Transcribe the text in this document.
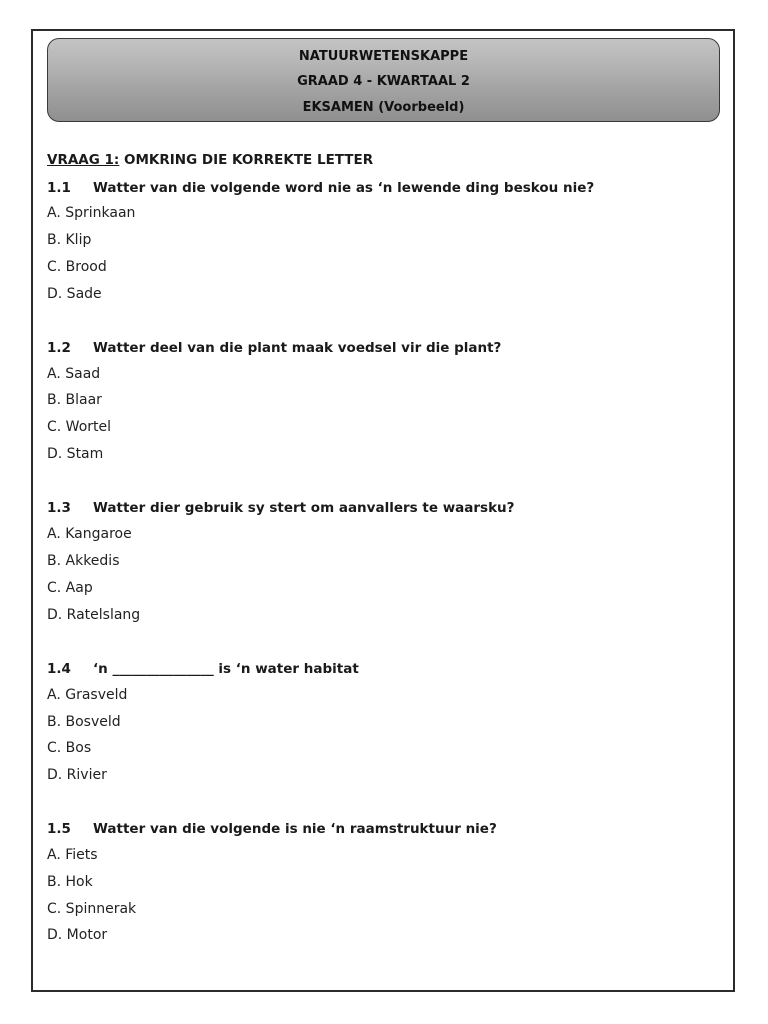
NATUURWETENSKAPPE
GRAAD 4 - KWARTAAL 2
EKSAMEN (Voorbeeld)
VRAAG 1: OMKRING DIE KORREKTE LETTER
1.1 Watter van die volgende word nie as ‘n lewende ding beskou nie?
A. Sprinkaan
B. Klip
C. Brood
D. Sade
1.2 Watter deel van die plant maak voedsel vir die plant?
A. Saad
B. Blaar
C. Wortel
D. Stam
1.3 Watter dier gebruik sy stert om aanvallers te waarsku?
A. Kangaroe
B. Akkedis
C. Aap
D. Ratelslang
1.4 ‘n _______________ is ‘n water habitat
A. Grasveld
B. Bosveld
C. Bos
D. Rivier
1.5 Watter van die volgende is nie ‘n raamstruktuur nie?
A. Fiets
B. Hok
C. Spinnerak
D. Motor
